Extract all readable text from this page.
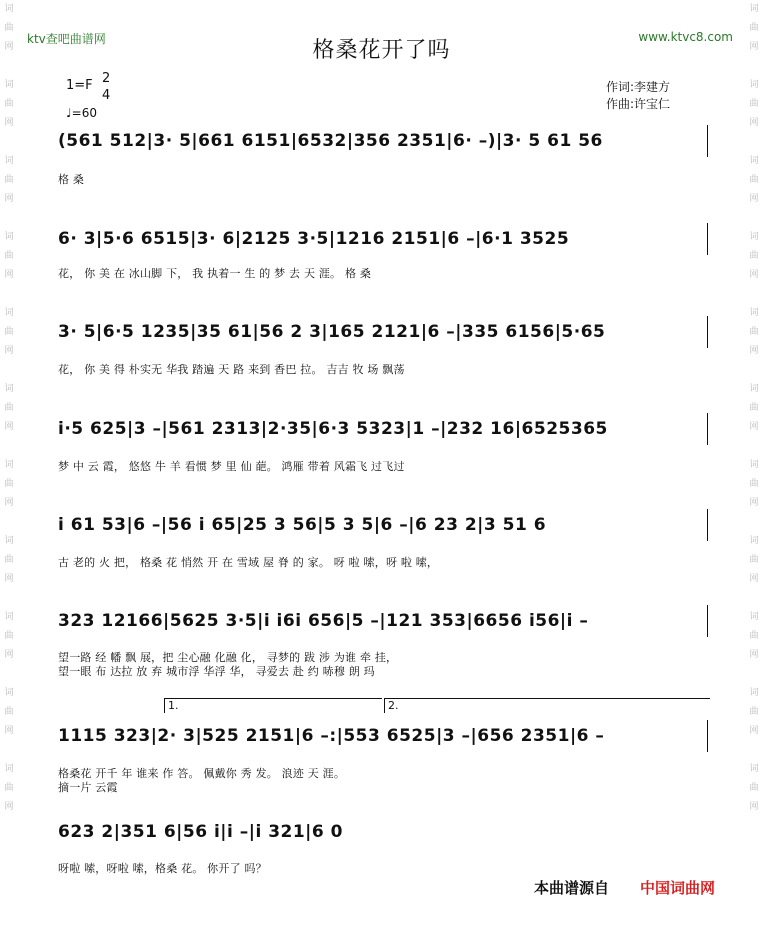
词
曲
网

词
曲
网

词
曲
网

词
曲
网

词
曲
网

词
曲
网

词
曲
网

词
曲
网

词
曲
网

词
曲
网

词
曲
网
词
曲
网

词
曲
网

词
曲
网

词
曲
网

词
曲
网

词
曲
网

词
曲
网

词
曲
网

词
曲
网

词
曲
网

词
曲
网
ktv查吧曲谱网	www.ktvc8.com
格桑花开了吗
1=F 2
4
♩=60
作词:李建方
作曲:许宝仁
(561 512|3· 5|661 6151|6532|356 2351|6· –)|3· 5 61 56
格 桑
6· 3|5·6 6515|3· 6|2125 3·5|1216 2151|6 –|6·1 3525
花， 你 美 在 冰山脚 下， 我 执着一 生 的 梦 去 天 涯。 格 桑
3· 5|6·5 1235|35 61|56 2 3|165 2121|6 –|335 6156|5·65
花， 你 美 得 朴实无 华我 踏遍 天 路 来到 香巴 拉。 吉吉 牧 场 飘荡
i·5 625|3 –|561 2313|2·35|6·3 5323|1 –|232 16|6525365
梦 中 云 霞， 悠悠 牛 羊 看惯 梦 里 仙 葩。 鸿雁 带着 风霜飞 过飞过
i 61 53|6 –|56 i 65|25 3 56|5 3 5|6 –|6 23 2|3 51 6
古 老的 火 把， 格桑 花 悄然 开 在 雪域 屋 脊 的 家。 呀 啦 嗦，呀 啦 嗦，
323 12166|5625 3·5|i i6i 656|5 –|121 353|6656 i56|i –
望一路 经 幡 飘 展，把 尘心融 化融 化， 寻梦的 跋 涉 为谁 牵 挂，
望一眼 布 达拉 放 弃 城市浮 华浮 华， 寻爱去 赴 约 哧穆 朗 玛
1.	2.
1115 323|2· 3|525 2151|6 –:|553 6525|3 –|656 2351|6 –
格桑花 开千 年 谁来 作 答。 佩戴你 秀 发。 浪迹 天 涯。
摘一片 云霞
623 2|351 6|56 i|i –|i 321|6 0
呀啦 嗦，呀啦 嗦，格桑 花。 你开了 吗？
本曲谱源自 中国词曲网
